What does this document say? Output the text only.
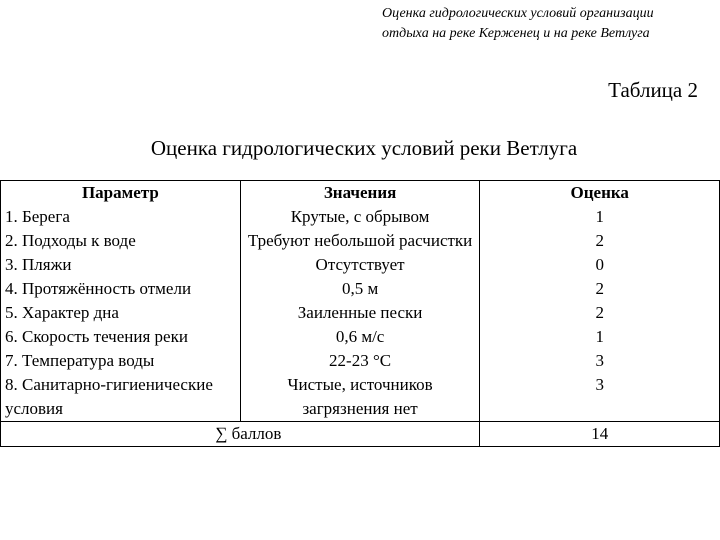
Оценка гидрологических условий организации
отдыха на реке Керженец и на реке Ветлуга
Таблица 2
Оценка гидрологических условий реки Ветлуга
Параметр	Значения	Оценка
1. Берега	Крутые, с обрывом	1
2. Подходы к воде	Требуют небольшой расчистки	2
3. Пляжи	Отсутствует	0
4. Протяжённость отмели	0,5 м	2
5. Характер дна	Заиленные пески	2
6. Скорость течения реки	0,6 м/с	1
7. Температура воды	22-23 °С	3
8. Санитарно-гигиенические условия	Чистые, источников загрязнения нет	3
∑ баллов		14
